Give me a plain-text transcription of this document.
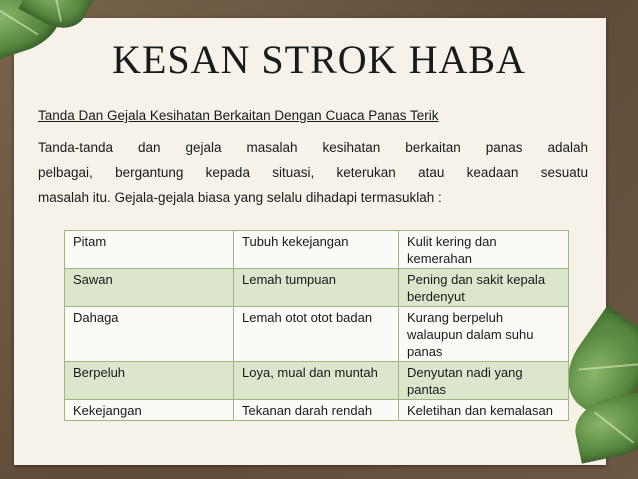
KESAN STROK HABA

Tanda Dan Gejala Kesihatan Berkaitan Dengan Cuaca Panas Terik

Tanda-tanda dan gejala masalah kesihatan berkaitan panas adalah
pelbagai, bergantung kepada situasi, keterukan atau keadaan sesuatu
masalah itu. Gejala-gejala biasa yang selalu dihadapi termasuklah :

Pitam	Tubuh kekejangan	Kulit kering dan kemerahan
Sawan	Lemah tumpuan	Pening dan sakit kepala berdenyut
Dahaga	Lemah otot otot badan	Kurang berpeluh walaupun dalam suhu panas
Berpeluh	Loya, mual dan muntah	Denyutan nadi yang pantas
Kekejangan	Tekanan darah rendah	Keletihan dan kemalasan
